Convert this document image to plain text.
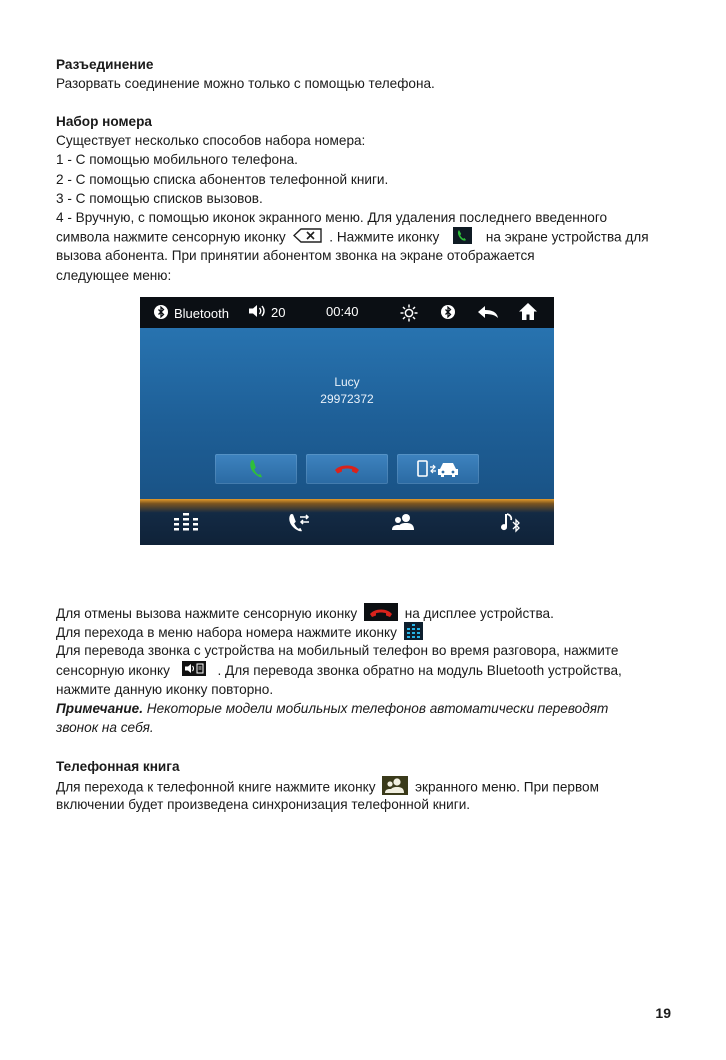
Разъединение
Разорвать соединение можно только с помощью телефона.
Набор номера
Существует несколько способов набора номера:
1 - С помощью мобильного телефона.
2 - С помощью списка абонентов телефонной книги.
3 - С помощью списков вызовов.
4 - Вручную, с помощью иконок экранного меню. Для удаления последнего введенного
символа нажмите сенсорную иконку	. Нажмите иконку	на экране устройства для
вызова абонента. При принятии абонентом звонка на экране отображается
следующее меню:
Bluetooth	20	00:40
Lucy
29972372
Для отмены вызова нажмите сенсорную иконку	на дисплее устройства.
Для перехода в меню набора номера нажмите иконку
Для перевода звонка с устройства на мобильный телефон во время разговора, нажмите
сенсорную иконку	. Для перевода звонка обратно на модуль Bluetooth устройства,
нажмите данную иконку повторно.
Примечание. Некоторые модели мобильных телефонов автоматически переводят
звонок на себя.
Телефонная книга
Для перехода к телефонной книге нажмите иконку	экранного меню. При первом
включении будет произведена синхронизация телефонной книги.
19
